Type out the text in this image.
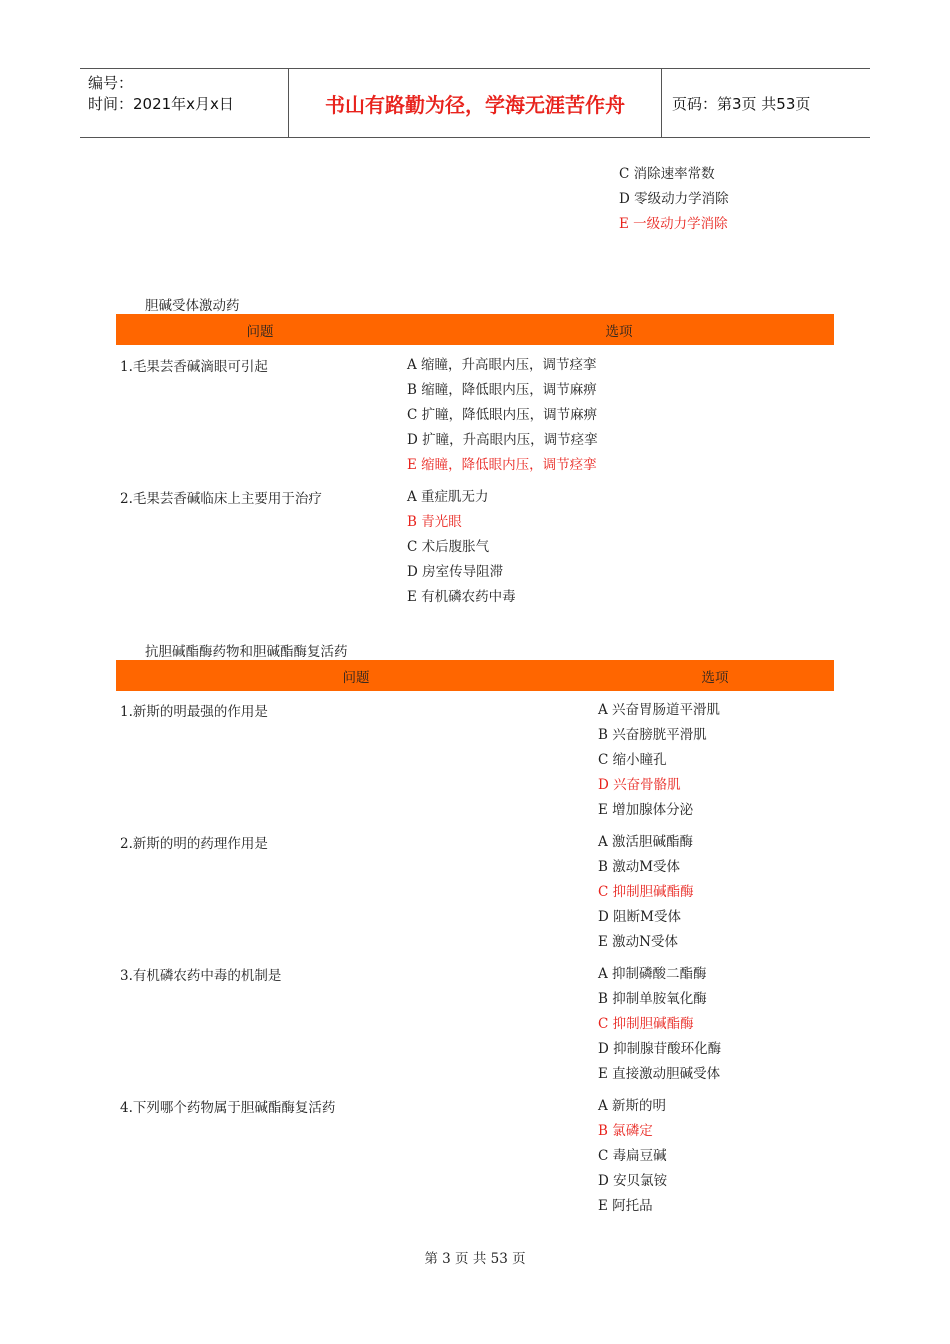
编号：
时间：2021年x月x日	书山有路勤为径，学海无涯苦作舟	页码：第3页 共53页
C 消除速率常数
D 零级动力学消除
E 一级动力学消除
胆碱受体激动药
问题	选项
1.毛果芸香碱滴眼可引起	A 缩瞳，升高眼内压，调节痉挛
B 缩瞳，降低眼内压，调节麻痹
C 扩瞳，降低眼内压，调节麻痹
D 扩瞳，升高眼内压，调节痉挛
E 缩瞳，降低眼内压，调节痉挛
2.毛果芸香碱临床上主要用于治疗	A 重症肌无力
B 青光眼
C 术后腹胀气
D 房室传导阻滞
E 有机磷农药中毒
抗胆碱酯酶药物和胆碱酯酶复活药
问题	选项
1.新斯的明最强的作用是	A 兴奋胃肠道平滑肌
B 兴奋膀胱平滑肌
C 缩小瞳孔
D 兴奋骨骼肌
E 增加腺体分泌
2.新斯的明的药理作用是	A 激活胆碱酯酶
B 激动M受体
C 抑制胆碱酯酶
D 阻断M受体
E 激动N受体
3.有机磷农药中毒的机制是	A 抑制磷酸二酯酶
B 抑制单胺氧化酶
C 抑制胆碱酯酶
D 抑制腺苷酸环化酶
E 直接激动胆碱受体
4.下列哪个药物属于胆碱酯酶复活药	A 新斯的明
B 氯磷定
C 毒扁豆碱
D 安贝氯铵
E 阿托品
第 3 页 共 53 页
